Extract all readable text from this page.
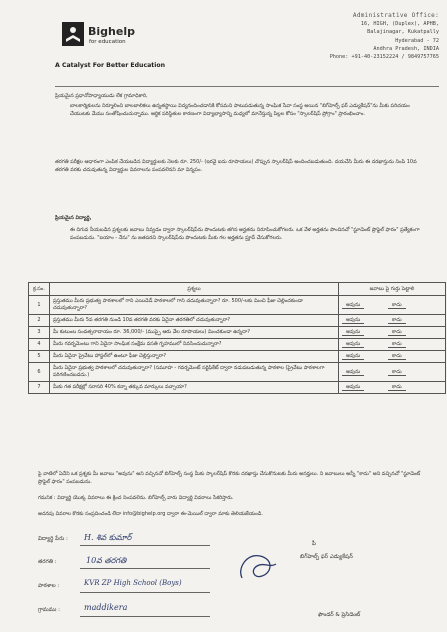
Bighelp
for education
A Catalyst For Better Education
Administrative Office:
16, HIGH, (Duplex), APHB,
Balajinagar, Kukatpally
Hyderabad - 72
Andhra Pradesh, INDIA
Phone: +91-40-23152224 / 9849757765
ప్రియమైన ప్రధానోపాధ్యాయుడు లేక గ్రామాధికారి,
బాలకార్మికులను నిర్మూలించి బాలబాలికలు ఉన్నతస్థాయి విద్యనందించడానికి కోసమని పాటుపడుతున్న సాంఘిక సేవా సంస్థ అయిన "బిగ్‌హెల్ప్ ఫర్ ఎడ్యుకేషన్"ను మీకు పరిచయం చేయుటకు మేము సంతోషించుచున్నాము. ఆర్థిక పరిస్థితుల కారణంగా విద్యాభ్యాసాన్ని మధ్యలో మానేస్తున్న పిల్లల కోసం "స్కాలర్‌షిప్ ప్రోగ్రాం" ప్రారంభించాం.
తరగతి పరీక్షల ఆధారంగా ఎంపిక చేయబడిన విద్యార్థులకు నెలకు రూ. 250/- (ఇరవై ఐదు రూపాయలు) చొప్పున స్కాలర్‌షిప్ అందించబడుతుంది. దయచేసి మీరు ఈ దరఖాస్తును నింపి 10వ తరగతి వరకు చదువుతున్న విద్యార్థుల వివరాలను పంపవలెనని మా విన్నపం.
ప్రియమైన విద్యార్థి,
ఈ దిగువ నీయబడిన ప్రశ్నలకు జవాబు నివ్వడం ద్వారా స్కాలర్‌షిప్‌ను పొందుటకు తగిన అర్హతను నిరూపించుకోగలరు. ఒక వేళ అర్హతను పొందినచో "స్టూడెంట్ ప్రొఫైల్ ఫారం" ప్రత్యేకంగా పంపబడును. "ఐయాం - నేను" ను జతపరచి స్కాలర్‌షిప్‌ను పొందుటకు మీకు గల అర్హతను ప్రూవ్ చేసుకోగలరు.
క్ర.సం.	ప్రశ్నలు	జవాబు పై గుర్తు పెట్టాలి
1	ప్రస్తుతము మీరు ప్రభుత్వ పాఠశాలలో గాని ఎయిడెడ్ పాఠశాలలో గాని చదువుతున్నారా? రూ. 500/-లకు మించి ఫీజు చెల్లించకుండా చదువుతున్నారా?	అవును కాదు
2	ప్రస్తుతము మీరు 5వ తరగతి నుండి 10వ తరగతి వరకు ఏదైనా తరగతిలో చదువుతున్నారా?	అవును కాదు
3	మీ కుటుంబ సంవత్సరాదాయం రూ. 36,000/- (ముప్పై ఆరు వేల రూపాయలు) మించకుండా ఉన్నదా?	అవును కాదు
4	మీరు గవర్నమెంటు గాని ఏదైనా సాంఘిక సంక్షేమ వసతి గృహములో నివసించుచున్నారా?	అవును కాదు
5	మీరు ఏదైనా ప్రైవేటు హాస్టల్‌లో ఉంటూ ఫీజు చెల్లిస్తున్నారా?	అవును కాదు
6	మీరు ఏదైనా ప్రభుత్వ పాఠశాలలో చదువుతున్నారా? (సమూహ - గవర్నమెంట్ సర్టిఫికేట్ ద్వారా నడుపబడుతున్న పాఠశాల (ప్రైవేటు పాఠశాలగా పరిగణించబడదు.)	అవును కాదు
7	మీకు గత పరీక్షల్లో సరాసరి 40% కన్నా తక్కువ మార్కులు వచ్చాయా?	అవును కాదు
పై వాటిలో ఏదేని ఒక ప్రశ్నకు మీ జవాబు "అవును" అని వచ్చినచో బిగ్‌హెల్ప్ సంస్థ మీకు స్కాలర్‌షిప్ కొరకు దరఖాస్తు చేసుకొనుటకు మీరు అనర్హులు. ని జవాబులు అన్నీ "కాదు" అని వచ్చినచో "స్టూడెంట్ ప్రొఫైల్ ఫారం" పంపబడును.
గమనిక : విద్యార్థి యొక్క వివరాలు ఈ క్రింద నింపవలెను. బిగ్‌హెల్ప్ వారు విద్యార్థి వివరాలు సేకరిస్తారు.
అదనపు వివరాల కొరకు సంప్రదించండి లేదా info@bighelp.org ద్వారా ఈ-మెయిల్ ద్వారా మాకు తెలియజేయండి.
విద్యార్థి పేరు : H. శివ కుమార్
తరగతి :	10వ తరగతి
పాఠశాల :	KVR ZP High School (Boys)
గ్రామము :	maddikera
పీ
బిగ్‌హెల్ప్ ఫర్ ఎడ్యుకేషన్
ఫౌండర్ & ప్రెసిడెంట్
